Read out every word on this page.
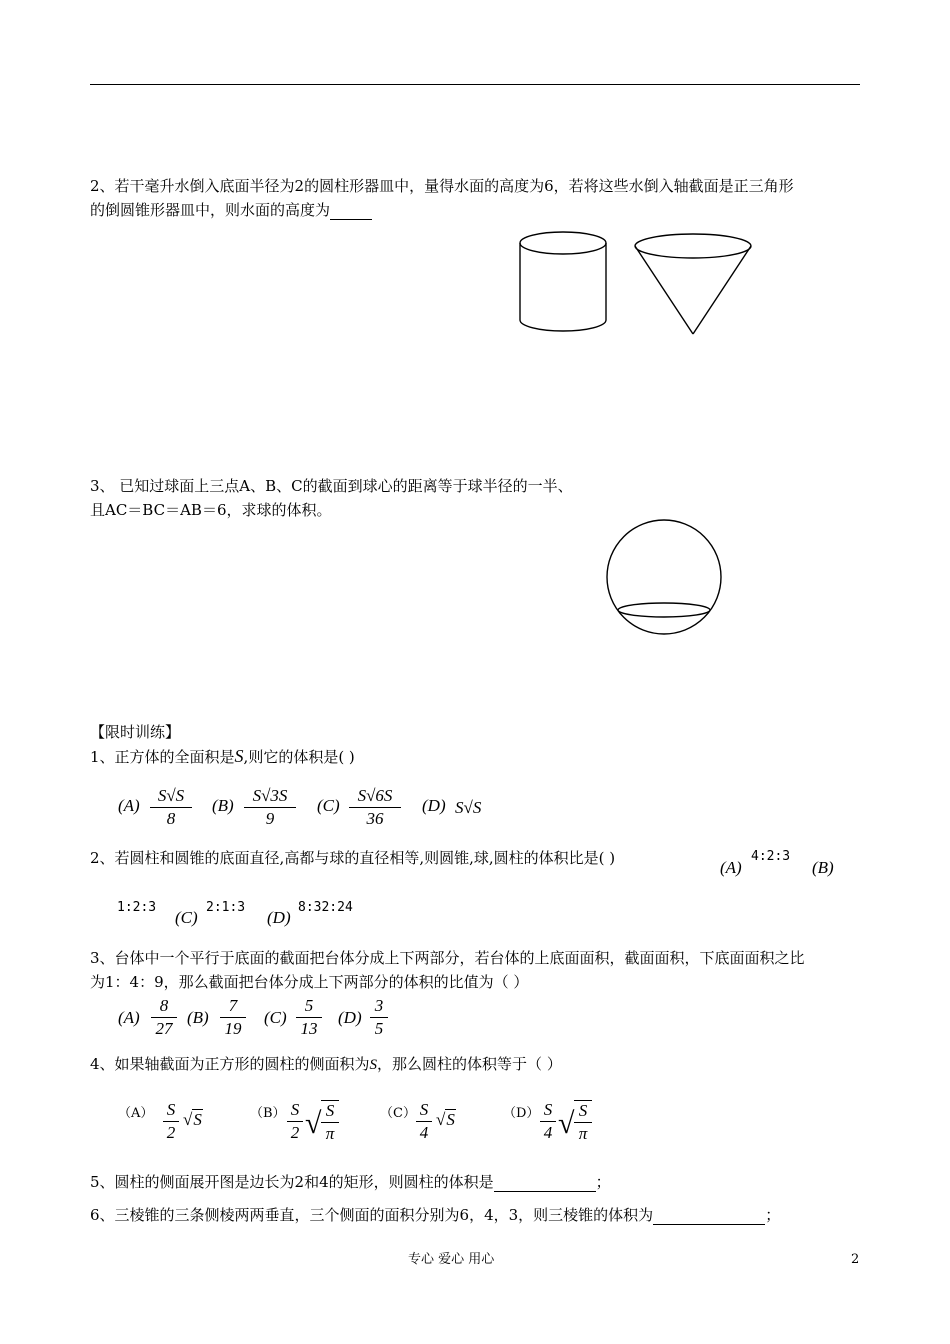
2、若干毫升水倒入底面半径为2的圆柱形器皿中，量得水面的高度为6，若将这些水倒入轴截面是正三角形
的倒圆锥形器皿中，则水面的高度为
3、 已知过球面上三点A、B、C的截面到球心的距离等于球半径的一半、
且AC＝BC＝AB＝6，求球的体积。
【限时训练】
1、正方体的全面积是S,则它的体积是( )
(A)
S√S
8
(B)
S√3S
9
(C)
S√6S
36
(D) S√S
2、若圆柱和圆锥的底面直径,高都与球的直径相等,则圆锥,球,圆柱的体积比是( )	(A)
4:2:3
(B)
1:2:3
(C)
2:1:3
(D)
8:32:24
3、台体中一个平行于底面的截面把台体分成上下两部分，若台体的上底面面积，截面面积，下底面面积之比
为1：4：9，那么截面把台体分成上下两部分的体积的比值为（ ）
(A)
8
27
(B)
7
19
(C)
5
13
(D)
3
5
4、如果轴截面为正方形的圆柱的侧面积为S，那么圆柱的体积等于（ ）
（A） S
2
√S	（B） S
2 √ S
π
（C） S
4
√S	（D） S
4 √ S
π
5、圆柱的侧面展开图是边长为2和4的矩形，则圆柱的体积是	；
6、三棱锥的三条侧棱两两垂直，三个侧面的面积分别为6，4，3，则三棱锥的体积为	；
专心 爱心 用心	2
